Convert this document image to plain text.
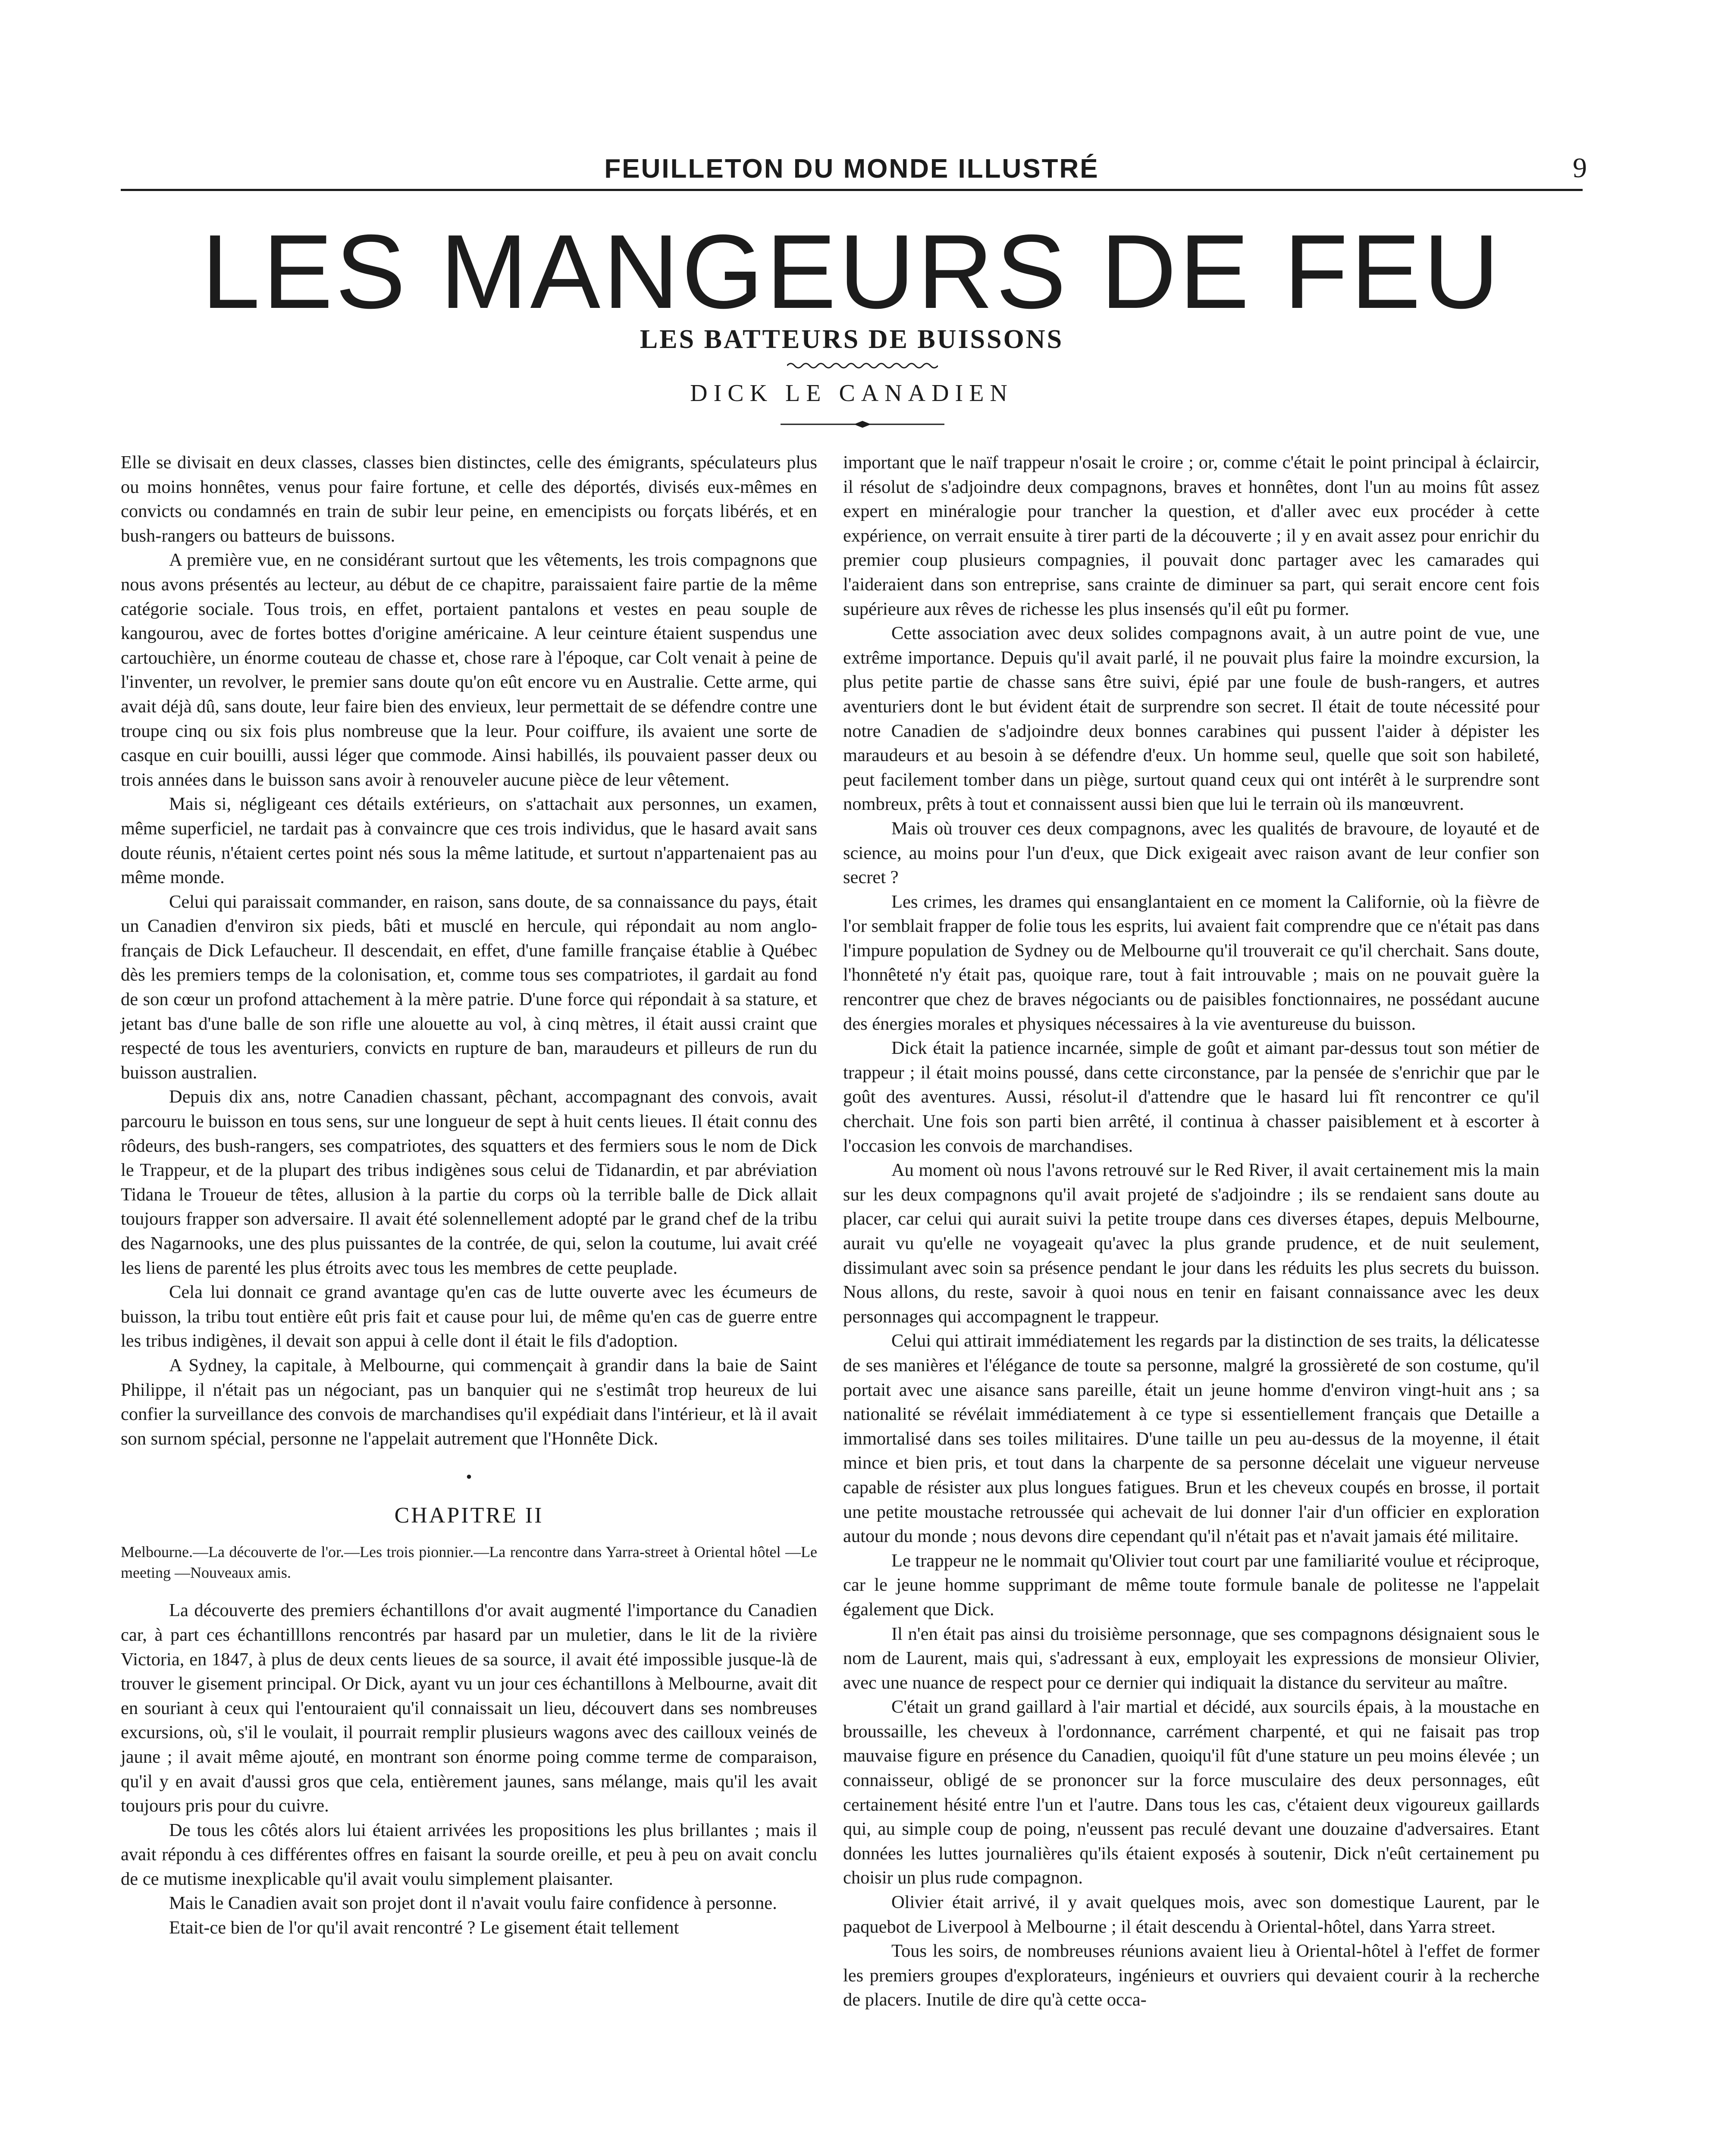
FEUILLETON DU MONDE ILLUSTRÉ	9
LES MANGEURS DE FEU
LES BATTEURS DE BUISSONS
DICK LE CANADIEN

Elle se divisait en deux classes, classes bien distinctes, celle des émigrants, spéculateurs plus ou moins honnêtes, venus pour faire fortune, et celle des déportés, divisés eux-mêmes en convicts ou condamnés en train de subir leur peine, en emencipists ou forçats libérés, et en bush-rangers ou batteurs de buissons.

A première vue, en ne considérant surtout que les vêtements, les trois compagnons que nous avons présentés au lecteur, au début de ce chapitre, paraissaient faire partie de la même catégorie sociale. Tous trois, en effet, portaient pantalons et vestes en peau souple de kangourou, avec de fortes bottes d'origine américaine. A leur ceinture étaient suspendus une cartouchière, un énorme couteau de chasse et, chose rare à l'époque, car Colt venait à peine de l'inventer, un revolver, le premier sans doute qu'on eût encore vu en Australie. Cette arme, qui avait déjà dû, sans doute, leur faire bien des envieux, leur permettait de se défendre contre une troupe cinq ou six fois plus nombreuse que la leur. Pour coiffure, ils avaient une sorte de casque en cuir bouilli, aussi léger que commode. Ainsi habillés, ils pouvaient passer deux ou trois années dans le buisson sans avoir à renouveler aucune pièce de leur vêtement.

Mais si, négligeant ces détails extérieurs, on s'attachait aux personnes, un examen, même superficiel, ne tardait pas à convaincre que ces trois individus, que le hasard avait sans doute réunis, n'étaient certes point nés sous la même latitude, et surtout n'appartenaient pas au même monde.

Celui qui paraissait commander, en raison, sans doute, de sa connaissance du pays, était un Canadien d'environ six pieds, bâti et musclé en hercule, qui répondait au nom anglo-français de Dick Lefaucheur. Il descendait, en effet, d'une famille française établie à Québec dès les premiers temps de la colonisation, et, comme tous ses compatriotes, il gardait au fond de son cœur un profond attachement à la mère patrie. D'une force qui répondait à sa stature, et jetant bas d'une balle de son rifle une alouette au vol, à cinq mètres, il était aussi craint que respecté de tous les aventuriers, convicts en rupture de ban, maraudeurs et pilleurs de run du buisson australien.

Depuis dix ans, notre Canadien chassant, pêchant, accompagnant des convois, avait parcouru le buisson en tous sens, sur une longueur de sept à huit cents lieues. Il était connu des rôdeurs, des bush-rangers, ses compatriotes, des squatters et des fermiers sous le nom de Dick le Trappeur, et de la plupart des tribus indigènes sous celui de Tidanardin, et par abréviation Tidana le Troueur de têtes, allusion à la partie du corps où la terrible balle de Dick allait toujours frapper son adversaire. Il avait été solennellement adopté par le grand chef de la tribu des Nagarnooks, une des plus puissantes de la contrée, de qui, selon la coutume, lui avait créé les liens de parenté les plus étroits avec tous les membres de cette peuplade.

Cela lui donnait ce grand avantage qu'en cas de lutte ouverte avec les écumeurs de buisson, la tribu tout entière eût pris fait et cause pour lui, de même qu'en cas de guerre entre les tribus indigènes, il devait son appui à celle dont il était le fils d'adoption.

A Sydney, la capitale, à Melbourne, qui commençait à grandir dans la baie de Saint Philippe, il n'était pas un négociant, pas un banquier qui ne s'estimât trop heureux de lui confier la surveillance des convois de marchandises qu'il expédiait dans l'intérieur, et là il avait son surnom spécial, personne ne l'appelait autrement que l'Honnête Dick.

•
CHAPITRE II
Melbourne.—La découverte de l'or.—Les trois pionnier.—La rencontre dans Yarra-street à Oriental hôtel —Le meeting —Nouveaux amis.

La découverte des premiers échantillons d'or avait augmenté l'importance du Canadien car, à part ces échantilllons rencontrés par hasard par un muletier, dans le lit de la rivière Victoria, en 1847, à plus de deux cents lieues de sa source, il avait été impossible jusque-là de trouver le gisement principal. Or Dick, ayant vu un jour ces échantillons à Melbourne, avait dit en souriant à ceux qui l'entouraient qu'il connaissait un lieu, découvert dans ses nombreuses excursions, où, s'il le voulait, il pourrait remplir plusieurs wagons avec des cailloux veinés de jaune ; il avait même ajouté, en montrant son énorme poing comme terme de comparaison, qu'il y en avait d'aussi gros que cela, entièrement jaunes, sans mélange, mais qu'il les avait toujours pris pour du cuivre.

De tous les côtés alors lui étaient arrivées les propositions les plus brillantes ; mais il avait répondu à ces différentes offres en faisant la sourde oreille, et peu à peu on avait conclu de ce mutisme inexplicable qu'il avait voulu simplement plaisanter.

Mais le Canadien avait son projet dont il n'avait voulu faire confidence à personne.

Etait-ce bien de l'or qu'il avait rencontré ? Le gisement était tellement

important que le naïf trappeur n'osait le croire ; or, comme c'était le point principal à éclaircir, il résolut de s'adjoindre deux compagnons, braves et honnêtes, dont l'un au moins fût assez expert en minéralogie pour trancher la question, et d'aller avec eux procéder à cette expérience, on verrait ensuite à tirer parti de la découverte ; il y en avait assez pour enrichir du premier coup plusieurs compagnies, il pouvait donc partager avec les camarades qui l'aideraient dans son entreprise, sans crainte de diminuer sa part, qui serait encore cent fois supérieure aux rêves de richesse les plus insensés qu'il eût pu former.

Cette association avec deux solides compagnons avait, à un autre point de vue, une extrême importance. Depuis qu'il avait parlé, il ne pouvait plus faire la moindre excursion, la plus petite partie de chasse sans être suivi, épié par une foule de bush-rangers, et autres aventuriers dont le but évident était de surprendre son secret. Il était de toute nécessité pour notre Canadien de s'adjoindre deux bonnes carabines qui pussent l'aider à dépister les maraudeurs et au besoin à se défendre d'eux. Un homme seul, quelle que soit son habileté, peut facilement tomber dans un piège, surtout quand ceux qui ont intérêt à le surprendre sont nombreux, prêts à tout et connaissent aussi bien que lui le terrain où ils manœuvrent.

Mais où trouver ces deux compagnons, avec les qualités de bravoure, de loyauté et de science, au moins pour l'un d'eux, que Dick exigeait avec raison avant de leur confier son secret ?

Les crimes, les drames qui ensanglantaient en ce moment la Californie, où la fièvre de l'or semblait frapper de folie tous les esprits, lui avaient fait comprendre que ce n'était pas dans l'impure population de Sydney ou de Melbourne qu'il trouverait ce qu'il cherchait. Sans doute, l'honnêteté n'y était pas, quoique rare, tout à fait introuvable ; mais on ne pouvait guère la rencontrer que chez de braves négociants ou de paisibles fonctionnaires, ne possédant aucune des énergies morales et physiques nécessaires à la vie aventureuse du buisson.

Dick était la patience incarnée, simple de goût et aimant par-dessus tout son métier de trappeur ; il était moins poussé, dans cette circonstance, par la pensée de s'enrichir que par le goût des aventures. Aussi, résolut-il d'attendre que le hasard lui fît rencontrer ce qu'il cherchait. Une fois son parti bien arrêté, il continua à chasser paisiblement et à escorter à l'occasion les convois de marchandises.

Au moment où nous l'avons retrouvé sur le Red River, il avait certainement mis la main sur les deux compagnons qu'il avait projeté de s'adjoindre ; ils se rendaient sans doute au placer, car celui qui aurait suivi la petite troupe dans ces diverses étapes, depuis Melbourne, aurait vu qu'elle ne voyageait qu'avec la plus grande prudence, et de nuit seulement, dissimulant avec soin sa présence pendant le jour dans les réduits les plus secrets du buisson. Nous allons, du reste, savoir à quoi nous en tenir en faisant connaissance avec les deux personnages qui accompagnent le trappeur.

Celui qui attirait immédiatement les regards par la distinction de ses traits, la délicatesse de ses manières et l'élégance de toute sa personne, malgré la grossièreté de son costume, qu'il portait avec une aisance sans pareille, était un jeune homme d'environ vingt-huit ans ; sa nationalité se révélait immédiatement à ce type si essentiellement français que Detaille a immortalisé dans ses toiles militaires. D'une taille un peu au-dessus de la moyenne, il était mince et bien pris, et tout dans la charpente de sa personne décelait une vigueur nerveuse capable de résister aux plus longues fatigues. Brun et les cheveux coupés en brosse, il portait une petite moustache retroussée qui achevait de lui donner l'air d'un officier en exploration autour du monde ; nous devons dire cependant qu'il n'était pas et n'avait jamais été militaire.

Le trappeur ne le nommait qu'Olivier tout court par une familiarité voulue et réciproque, car le jeune homme supprimant de même toute formule banale de politesse ne l'appelait également que Dick.

Il n'en était pas ainsi du troisième personnage, que ses compagnons désignaient sous le nom de Laurent, mais qui, s'adressant à eux, employait les expressions de monsieur Olivier, avec une nuance de respect pour ce dernier qui indiquait la distance du serviteur au maître.

C'était un grand gaillard à l'air martial et décidé, aux sourcils épais, à la moustache en broussaille, les cheveux à l'ordonnance, carrément charpenté, et qui ne faisait pas trop mauvaise figure en présence du Canadien, quoiqu'il fût d'une stature un peu moins élevée ; un connaisseur, obligé de se prononcer sur la force musculaire des deux personnages, eût certainement hésité entre l'un et l'autre. Dans tous les cas, c'étaient deux vigoureux gaillards qui, au simple coup de poing, n'eussent pas reculé devant une douzaine d'adversaires. Etant données les luttes journalières qu'ils étaient exposés à soutenir, Dick n'eût certainement pu choisir un plus rude compagnon.

Olivier était arrivé, il y avait quelques mois, avec son domestique Laurent, par le paquebot de Liverpool à Melbourne ; il était descendu à Oriental-hôtel, dans Yarra street.

Tous les soirs, de nombreuses réunions avaient lieu à Oriental-hôtel à l'effet de former les premiers groupes d'explorateurs, ingénieurs et ouvriers qui devaient courir à la recherche de placers. Inutile de dire qu'à cette occa-
